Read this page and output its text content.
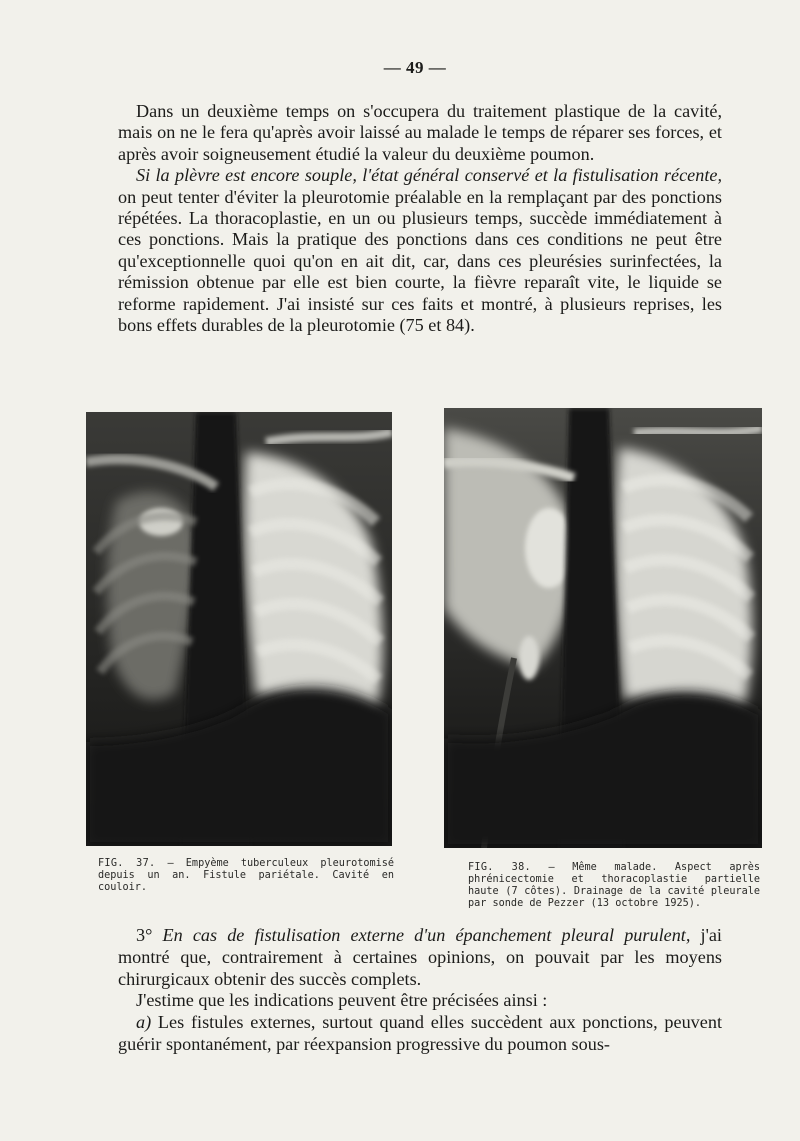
— 49 —

Dans un deuxième temps on s'occupera du traitement plastique de la cavité, mais on ne le fera qu'après avoir laissé au malade le temps de réparer ses forces, et après avoir soigneusement étudié la valeur du deuxième poumon.

Si la plèvre est encore souple, l'état général conservé et la fistulisation récente, on peut tenter d'éviter la pleurotomie préalable en la remplaçant par des ponctions répétées. La thoracoplastie, en un ou plusieurs temps, succède immédiatement à ces ponctions. Mais la pratique des ponctions dans ces conditions ne peut être qu'exceptionnelle quoi qu'on en ait dit, car, dans ces pleurésies surinfectées, la rémission obtenue par elle est bien courte, la fièvre reparaît vite, le liquide se reforme rapidement. J'ai insisté sur ces faits et montré, à plusieurs reprises, les bons effets durables de la pleurotomie (75 et 84).

FIG. 37. — Empyème tuberculeux pleurotomisé depuis un an. Fistule pariétale. Cavité en couloir.
FIG. 38. — Même malade. Aspect après phrénicectomie et thoracoplastie partielle haute (7 côtes). Drainage de la cavité pleurale par sonde de Pezzer (13 octobre 1925).

3° En cas de fistulisation externe d'un épanchement pleural purulent, j'ai montré que, contrairement à certaines opinions, on pouvait par les moyens chirurgicaux obtenir des succès complets.

J'estime que les indications peuvent être précisées ainsi :

a) Les fistules externes, surtout quand elles succèdent aux ponctions, peuvent guérir spontanément, par réexpansion progressive du poumon sous-
